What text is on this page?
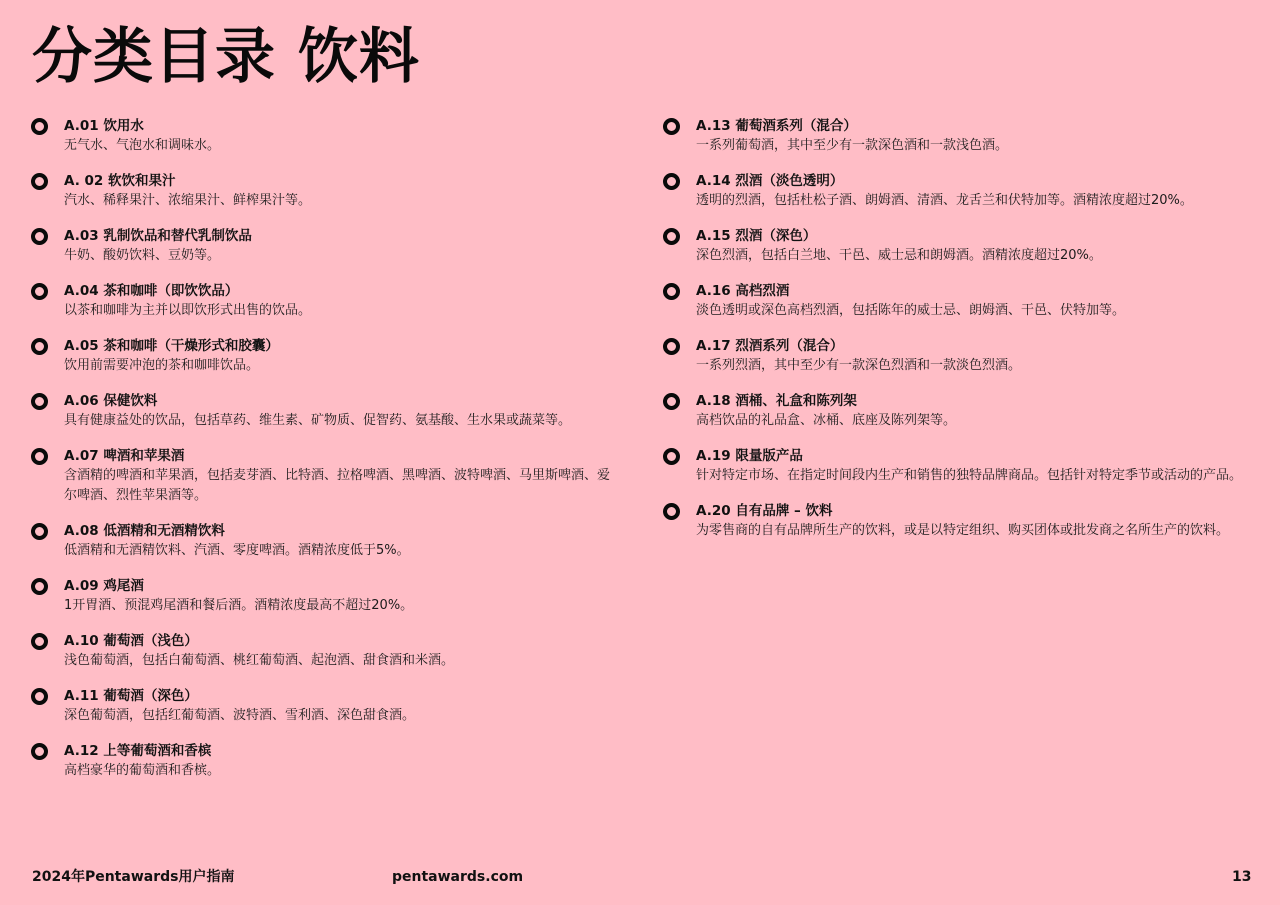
分类目录 饮料
A.01 饮用水
无气水、气泡水和调味水。
A. 02 软饮和果汁
汽水、稀释果汁、浓缩果汁、鲜榨果汁等。
A.03 乳制饮品和替代乳制饮品
牛奶、酸奶饮料、豆奶等。
A.04 茶和咖啡（即饮饮品）
以茶和咖啡为主并以即饮形式出售的饮品。
A.05 茶和咖啡（干燥形式和胶囊）
饮用前需要冲泡的茶和咖啡饮品。
A.06 保健饮料
具有健康益处的饮品，包括草药、维生素、矿物质、促智药、氨基酸、生水果或蔬菜等。
A.07 啤酒和苹果酒
含酒精的啤酒和苹果酒，包括麦芽酒、比特酒、拉格啤酒、黑啤酒、波特啤酒、马里斯啤酒、爱尔啤酒、烈性苹果酒等。
A.08 低酒精和无酒精饮料
低酒精和无酒精饮料、汽酒、零度啤酒。酒精浓度低于5%。
A.09 鸡尾酒
1开胃酒、预混鸡尾酒和餐后酒。酒精浓度最高不超过20%。
A.10 葡萄酒（浅色）
浅色葡萄酒，包括白葡萄酒、桃红葡萄酒、起泡酒、甜食酒和米酒。
A.11 葡萄酒（深色）
深色葡萄酒，包括红葡萄酒、波特酒、雪利酒、深色甜食酒。
A.12 上等葡萄酒和香槟
高档豪华的葡萄酒和香槟。
A.13 葡萄酒系列（混合）
一系列葡萄酒，其中至少有一款深色酒和一款浅色酒。
A.14 烈酒（淡色透明）
透明的烈酒，包括杜松子酒、朗姆酒、清酒、龙舌兰和伏特加等。酒精浓度超过20%。
A.15 烈酒（深色）
深色烈酒，包括白兰地、干邑、威士忌和朗姆酒。酒精浓度超过20%。
A.16 高档烈酒
淡色透明或深色高档烈酒，包括陈年的威士忌、朗姆酒、干邑、伏特加等。
A.17 烈酒系列（混合）
一系列烈酒，其中至少有一款深色烈酒和一款淡色烈酒。
A.18 酒桶、礼盒和陈列架
高档饮品的礼品盒、冰桶、底座及陈列架等。
A.19 限量版产品
针对特定市场、在指定时间段内生产和销售的独特品牌商品。包括针对特定季节或活动的产品。
A.20 自有品牌 – 饮料
为零售商的自有品牌所生产的饮料，或是以特定组织、购买团体或批发商之名所生产的饮料。
2024年Pentawards用户指南	pentawards.com	13
